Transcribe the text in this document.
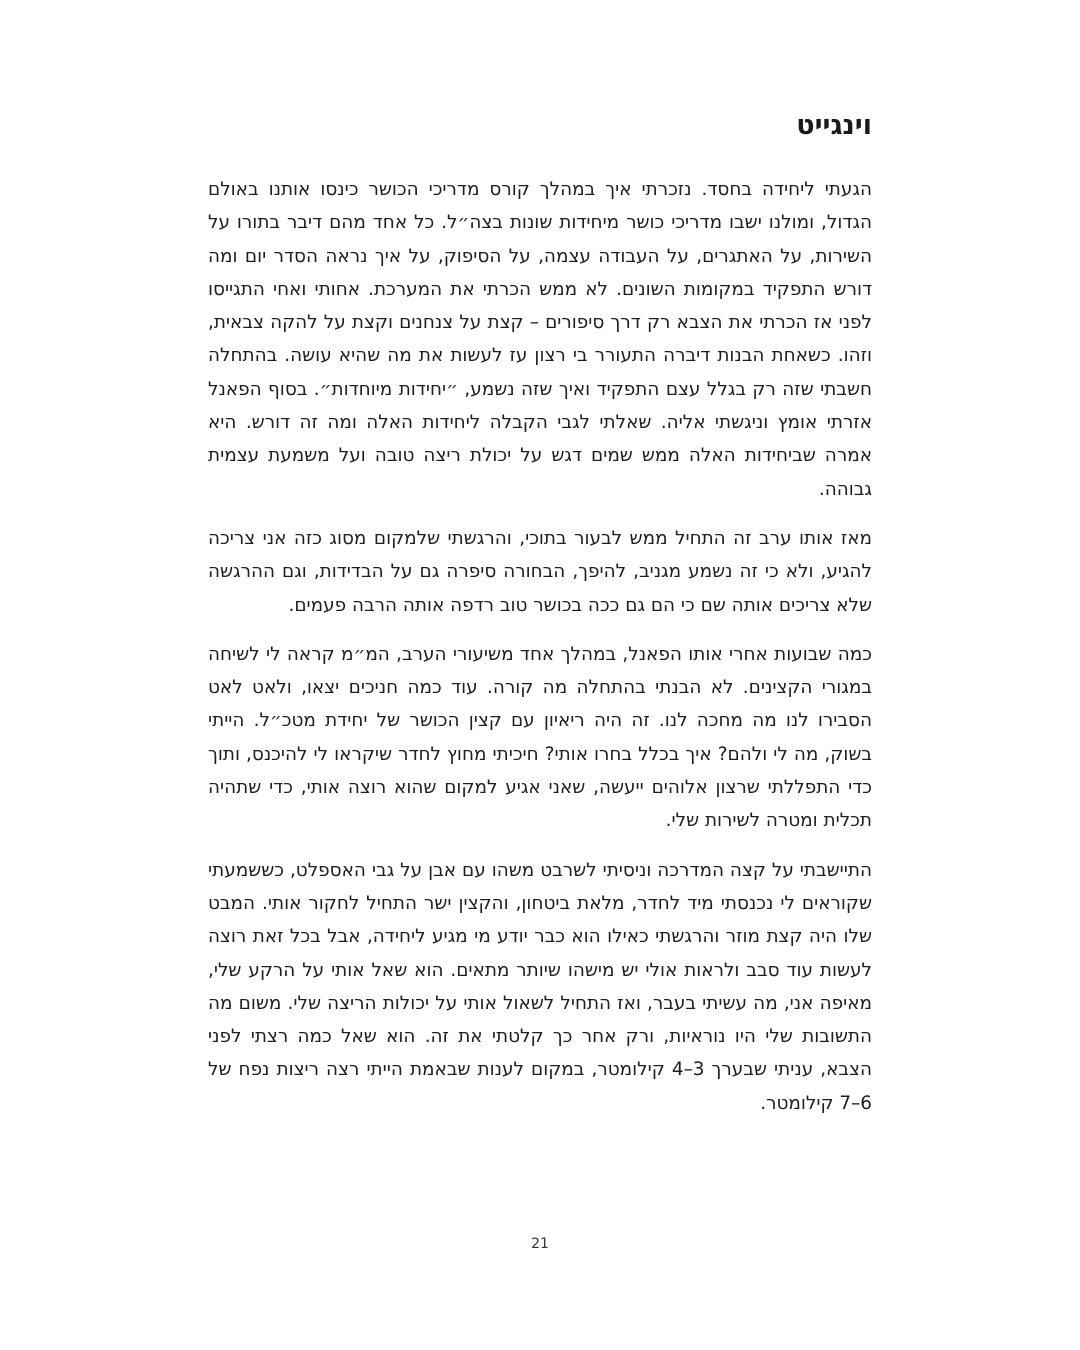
וינגייט

הגעתי ליחידה בחסד. נזכרתי איך במהלך קורס מדריכי הכושר כינסו אותנו באולם הגדול, ומולנו ישבו מדריכי כושר מיחידות שונות בצה״ל. כל אחד מהם דיבר בתורו על השירות, על האתגרים, על העבודה עצמה, על הסיפוק, על איך נראה הסדר יום ומה דורש התפקיד במקומות השונים. לא ממש הכרתי את המערכת. אחותי ואחי התגייסו לפני אז הכרתי את הצבא רק דרך סיפורים – קצת על צנחנים וקצת על להקה צבאית, וזהו. כשאחת הבנות דיברה התעורר בי רצון עז לעשות את מה שהיא עושה. בהתחלה חשבתי שזה רק בגלל עצם התפקיד ואיך שזה נשמע, ״יחידות מיוחדות״. בסוף הפאנל אזרתי אומץ וניגשתי אליה. שאלתי לגבי הקבלה ליחידות האלה ומה זה דורש. היא אמרה שביחידות האלה ממש שמים דגש על יכולת ריצה טובה ועל משמעת עצמית גבוהה.

מאז אותו ערב זה התחיל ממש לבעור בתוכי, והרגשתי שלמקום מסוג כזה אני צריכה להגיע, ולא כי זה נשמע מגניב, להיפך, הבחורה סיפרה גם על הבדידות, וגם ההרגשה שלא צריכים אותה שם כי הם גם ככה בכושר טוב רדפה אותה הרבה פעמים.

כמה שבועות אחרי אותו הפאנל, במהלך אחד משיעורי הערב, המ״מ קראה לי לשיחה במגורי הקצינים. לא הבנתי בהתחלה מה קורה. עוד כמה חניכים יצאו, ולאט לאט הסבירו לנו מה מחכה לנו. זה היה ריאיון עם קצין הכושר של יחידת מטכ״ל. הייתי בשוק, מה לי ולהם? איך בכלל בחרו אותי? חיכיתי מחוץ לחדר שיקראו לי להיכנס, ותוך כדי התפללתי שרצון אלוהים ייעשה, שאני אגיע למקום שהוא רוצה אותי, כדי שתהיה תכלית ומטרה לשירות שלי.

התיישבתי על קצה המדרכה וניסיתי לשרבט משהו עם אבן על גבי האספלט, כששמעתי שקוראים לי נכנסתי מיד לחדר, מלאת ביטחון, והקצין ישר התחיל לחקור אותי. המבט שלו היה קצת מוזר והרגשתי כאילו הוא כבר יודע מי מגיע ליחידה, אבל בכל זאת רוצה לעשות עוד סבב ולראות אולי יש מישהו שיותר מתאים. הוא שאל אותי על הרקע שלי, מאיפה אני, מה עשיתי בעבר, ואז התחיל לשאול אותי על יכולות הריצה שלי. משום מה התשובות שלי היו נוראיות, ורק אחר כך קלטתי את זה. הוא שאל כמה רצתי לפני הצבא, עניתי שבערך 3–4 קילומטר, במקום לענות שבאמת הייתי רצה ריצות נפח של 6–7 קילומטר.

21
